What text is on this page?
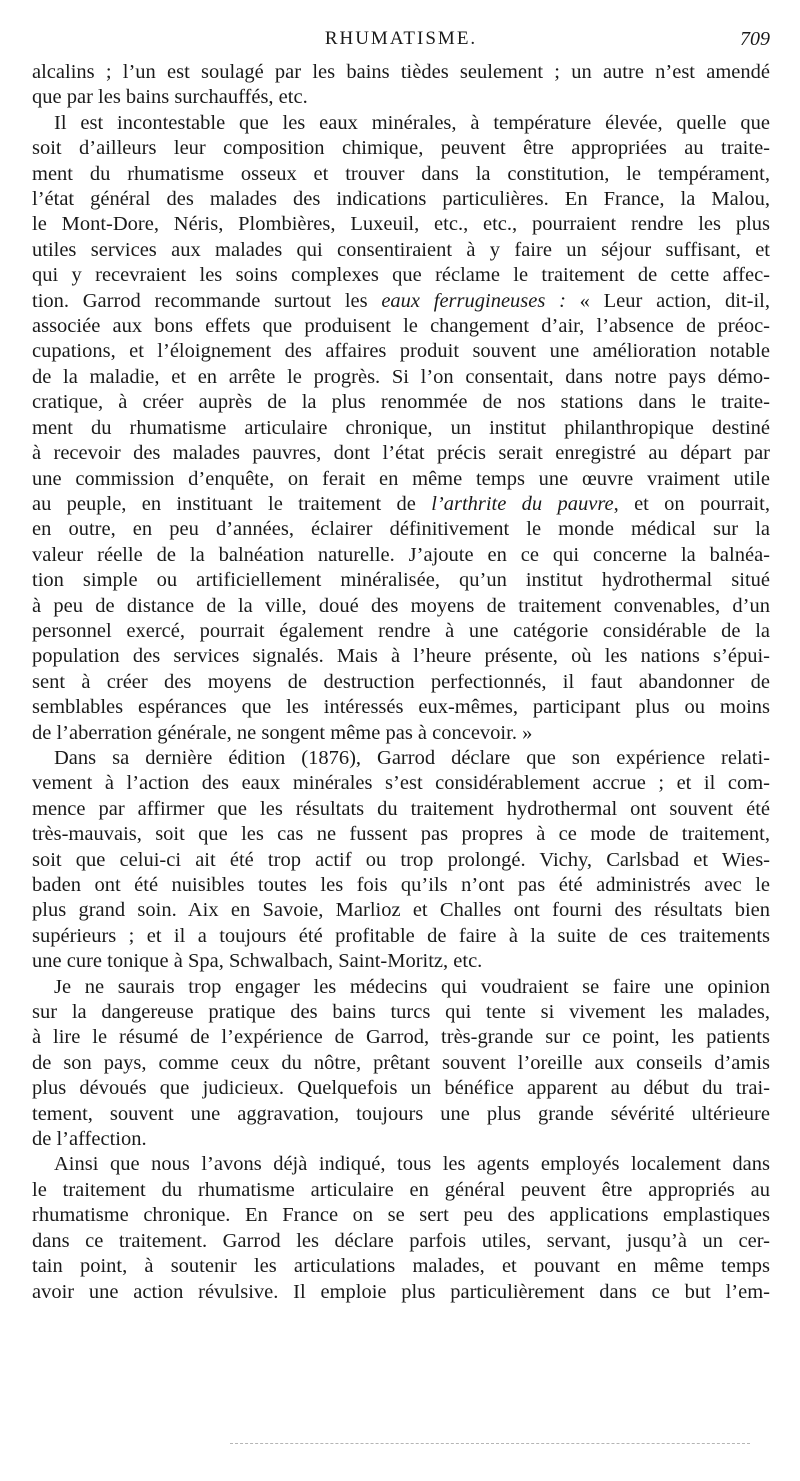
RHUMATISME.	709
alcalins ; l’un est soulagé par les bains tièdes seulement ; un autre n’est amendé
que par les bains surchauffés, etc.
Il est incontestable que les eaux minérales, à température élevée, quelle que
soit d’ailleurs leur composition chimique, peuvent être appropriées au traite-
ment du rhumatisme osseux et trouver dans la constitution, le tempérament,
l’état général des malades des indications particulières. En France, la Malou,
le Mont-Dore, Néris, Plombières, Luxeuil, etc., etc., pourraient rendre les plus
utiles services aux malades qui consentiraient à y faire un séjour suffisant, et
qui y recevraient les soins complexes que réclame le traitement de cette affec-
tion. Garrod recommande surtout les eaux ferrugineuses : « Leur action, dit-il,
associée aux bons effets que produisent le changement d’air, l’absence de préoc-
cupations, et l’éloignement des affaires produit souvent une amélioration notable
de la maladie, et en arrête le progrès. Si l’on consentait, dans notre pays démo-
cratique, à créer auprès de la plus renommée de nos stations dans le traite-
ment du rhumatisme articulaire chronique, un institut philanthropique destiné
à recevoir des malades pauvres, dont l’état précis serait enregistré au départ par
une commission d’enquête, on ferait en même temps une œuvre vraiment utile
au peuple, en instituant le traitement de l’arthrite du pauvre, et on pourrait,
en outre, en peu d’années, éclairer définitivement le monde médical sur la
valeur réelle de la balnéation naturelle. J’ajoute en ce qui concerne la balnéa-
tion simple ou artificiellement minéralisée, qu’un institut hydrothermal situé
à peu de distance de la ville, doué des moyens de traitement convenables, d’un
personnel exercé, pourrait également rendre à une catégorie considérable de la
population des services signalés. Mais à l’heure présente, où les nations s’épui-
sent à créer des moyens de destruction perfectionnés, il faut abandonner de
semblables espérances que les intéressés eux-mêmes, participant plus ou moins
de l’aberration générale, ne songent même pas à concevoir. »
Dans sa dernière édition (1876), Garrod déclare que son expérience relati-
vement à l’action des eaux minérales s’est considérablement accrue ; et il com-
mence par affirmer que les résultats du traitement hydrothermal ont souvent été
très-mauvais, soit que les cas ne fussent pas propres à ce mode de traitement,
soit que celui-ci ait été trop actif ou trop prolongé. Vichy, Carlsbad et Wies-
baden ont été nuisibles toutes les fois qu’ils n’ont pas été administrés avec le
plus grand soin. Aix en Savoie, Marlioz et Challes ont fourni des résultats bien
supérieurs ; et il a toujours été profitable de faire à la suite de ces traitements
une cure tonique à Spa, Schwalbach, Saint-Moritz, etc.
Je ne saurais trop engager les médecins qui voudraient se faire une opinion
sur la dangereuse pratique des bains turcs qui tente si vivement les malades,
à lire le résumé de l’expérience de Garrod, très-grande sur ce point, les patients
de son pays, comme ceux du nôtre, prêtant souvent l’oreille aux conseils d’amis
plus dévoués que judicieux. Quelquefois un bénéfice apparent au début du trai-
tement, souvent une aggravation, toujours une plus grande sévérité ultérieure
de l’affection.
Ainsi que nous l’avons déjà indiqué, tous les agents employés localement dans
le traitement du rhumatisme articulaire en général peuvent être appropriés au
rhumatisme chronique. En France on se sert peu des applications emplastiques
dans ce traitement. Garrod les déclare parfois utiles, servant, jusqu’à un cer-
tain point, à soutenir les articulations malades, et pouvant en même temps
avoir une action révulsive. Il emploie plus particulièrement dans ce but l’em-
